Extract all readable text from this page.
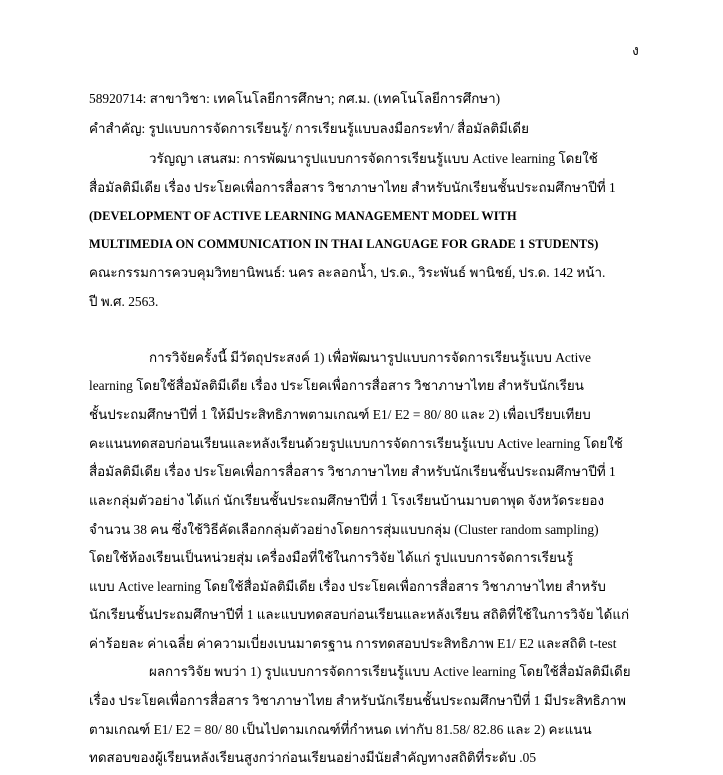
ง
58920714: สาขาวิชา: เทคโนโลยีการศึกษา; กศ.ม. (เทคโนโลยีการศึกษา)
คำสำคัญ: รูปแบบการจัดการเรียนรู้/ การเรียนรู้แบบลงมือกระทำ/ สื่อมัลติมีเดีย
วรัญญา เสนสม: การพัฒนารูปแบบการจัดการเรียนรู้แบบ Active learning โดยใช้
สื่อมัลติมีเดีย เรื่อง ประโยคเพื่อการสื่อสาร วิชาภาษาไทย สำหรับนักเรียนชั้นประถมศึกษาปีที่ 1
(DEVELOPMENT OF ACTIVE LEARNING MANAGEMENT MODEL WITH
MULTIMEDIA ON COMMUNICATION IN THAI LANGUAGE FOR GRADE 1 STUDENTS)
คณะกรรมการควบคุมวิทยานิพนธ์: นคร ละลอกน้ำ, ปร.ด., วิระพันธ์ พานิชย์, ปร.ด. 142 หน้า.
ปี พ.ศ. 2563.
การวิจัยครั้งนี้ มีวัตถุประสงค์ 1) เพื่อพัฒนารูปแบบการจัดการเรียนรู้แบบ Active
learning โดยใช้สื่อมัลติมีเดีย เรื่อง ประโยคเพื่อการสื่อสาร วิชาภาษาไทย สำหรับนักเรียน
ชั้นประถมศึกษาปีที่ 1 ให้มีประสิทธิภาพตามเกณฑ์ E1/ E2 = 80/ 80 และ 2) เพื่อเปรียบเทียบ
คะแนนทดสอบก่อนเรียนและหลังเรียนด้วยรูปแบบการจัดการเรียนรู้แบบ Active learning โดยใช้
สื่อมัลติมีเดีย เรื่อง ประโยคเพื่อการสื่อสาร วิชาภาษาไทย สำหรับนักเรียนชั้นประถมศึกษาปีที่ 1
และกลุ่มตัวอย่าง ได้แก่ นักเรียนชั้นประถมศึกษาปีที่ 1 โรงเรียนบ้านมาบตาพุด จังหวัดระยอง
จำนวน 38 คน ซึ่งใช้วิธีคัดเลือกกลุ่มตัวอย่างโดยการสุ่มแบบกลุ่ม (Cluster random sampling)
โดยใช้ห้องเรียนเป็นหน่วยสุ่ม เครื่องมือที่ใช้ในการวิจัย ได้แก่ รูปแบบการจัดการเรียนรู้
แบบ Active learning โดยใช้สื่อมัลติมีเดีย เรื่อง ประโยคเพื่อการสื่อสาร วิชาภาษาไทย สำหรับ
นักเรียนชั้นประถมศึกษาปีที่ 1 และแบบทดสอบก่อนเรียนและหลังเรียน สถิติที่ใช้ในการวิจัย ได้แก่
ค่าร้อยละ ค่าเฉลี่ย ค่าความเบี่ยงเบนมาตรฐาน การทดสอบประสิทธิภาพ E1/ E2 และสถิติ t-test
ผลการวิจัย พบว่า 1) รูปแบบการจัดการเรียนรู้แบบ Active learning โดยใช้สื่อมัลติมีเดีย
เรื่อง ประโยคเพื่อการสื่อสาร วิชาภาษาไทย สำหรับนักเรียนชั้นประถมศึกษาปีที่ 1 มีประสิทธิภาพ
ตามเกณฑ์ E1/ E2 = 80/ 80 เป็นไปตามเกณฑ์ที่กำหนด เท่ากับ 81.58/ 82.86 และ 2) คะแนน
ทดสอบของผู้เรียนหลังเรียนสูงกว่าก่อนเรียนอย่างมีนัยสำคัญทางสถิติที่ระดับ .05
